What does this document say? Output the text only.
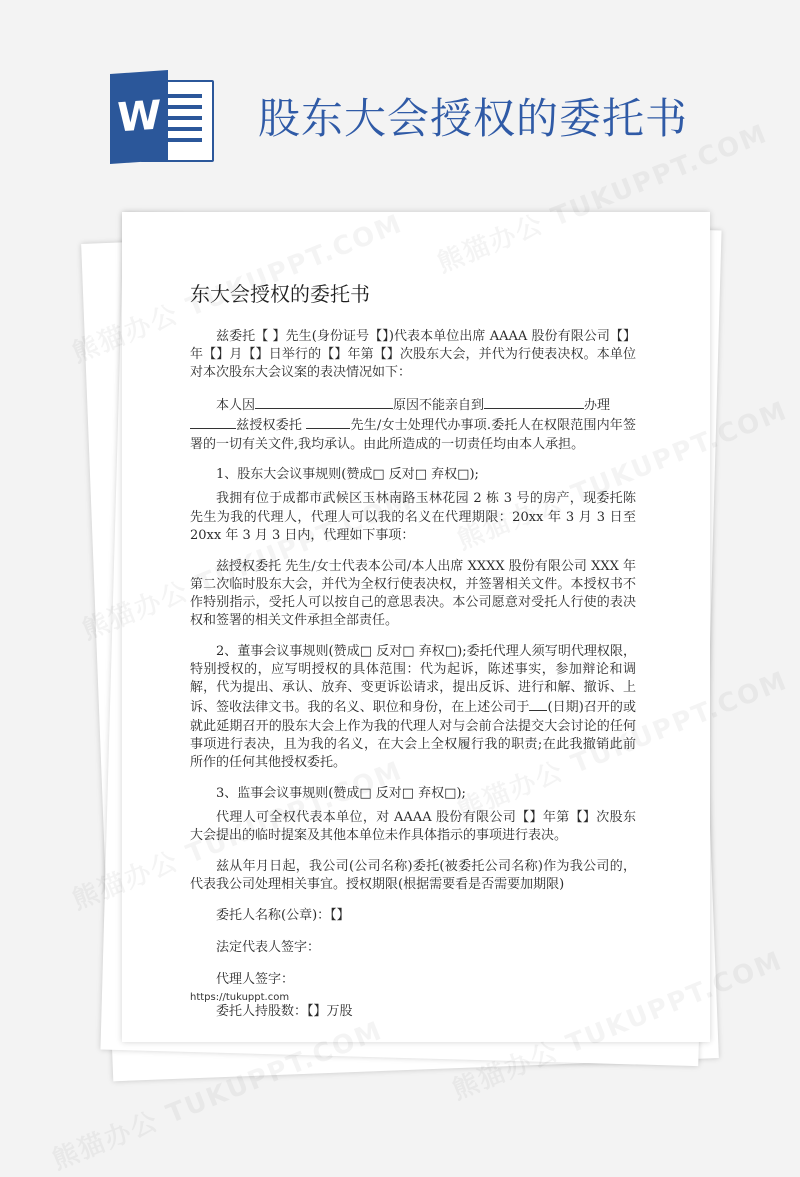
W 股东大会授权的委托书
东大会授权的委托书

兹委托【 】先生(身份证号【】)代表本单位出席 AAAA 股份有限公司【】年【】月【】日举行的【】年第【】次股东大会，并代为行使表决权。本单位对本次股东大会议案的表决情况如下：

本人因	原因不能亲自到	办理
兹授权委托	先生/女士处理代办事项.委托人在权限范围内年签署的一切有关文件,我均承认。由此所造成的一切责任均由本人承担。

1、股东大会议事规则(赞成□ 反对□ 弃权□);

我拥有位于成都市武候区玉林南路玉林花园 2 栋 3 号的房产，现委托陈先生为我的代理人，代理人可以我的名义在代理期限：20xx 年 3 月 3 日至 20xx 年 3 月 3 日内，代理如下事项：

兹授权委托 先生/女士代表本公司/本人出席 XXXX 股份有限公司 XXX 年第二次临时股东大会，并代为全权行使表决权，并签署相关文件。本授权书不作特别指示，受托人可以按自己的意思表决。本公司愿意对受托人行使的表决权和签署的相关文件承担全部责任。

2、董事会议事规则(赞成□ 反对□ 弃权□);委托代理人须写明代理权限，特别授权的，应写明授权的具体范围：代为起诉，陈述事实，参加辩论和调解，代为提出、承认、放弃、变更诉讼请求，提出反诉、进行和解、撤诉、上诉、签收法律文书。我的名义、职位和身份，在上述公司于 (日期)召开的或就此延期召开的股东大会上作为我的代理人对与会前合法提交大会讨论的任何事项进行表决，且为我的名义，在大会上全权履行我的职责;在此我撤销此前所作的任何其他授权委托。

3、监事会议事规则(赞成□ 反对□ 弃权□);

代理人可全权代表本单位，对 AAAA 股份有限公司【】年第【】次股东大会提出的临时提案及其他本单位未作具体指示的事项进行表决。

兹从年月日起，我公司(公司名称)委托(被委托公司名称)作为我公司的，代表我公司处理相关事宜。授权期限(根据需要看是否需要加期限)

委托人名称(公章)：【】

法定代表人签字：

代理人签字：

委托人持股数：【】万股

https://tukuppt.com
